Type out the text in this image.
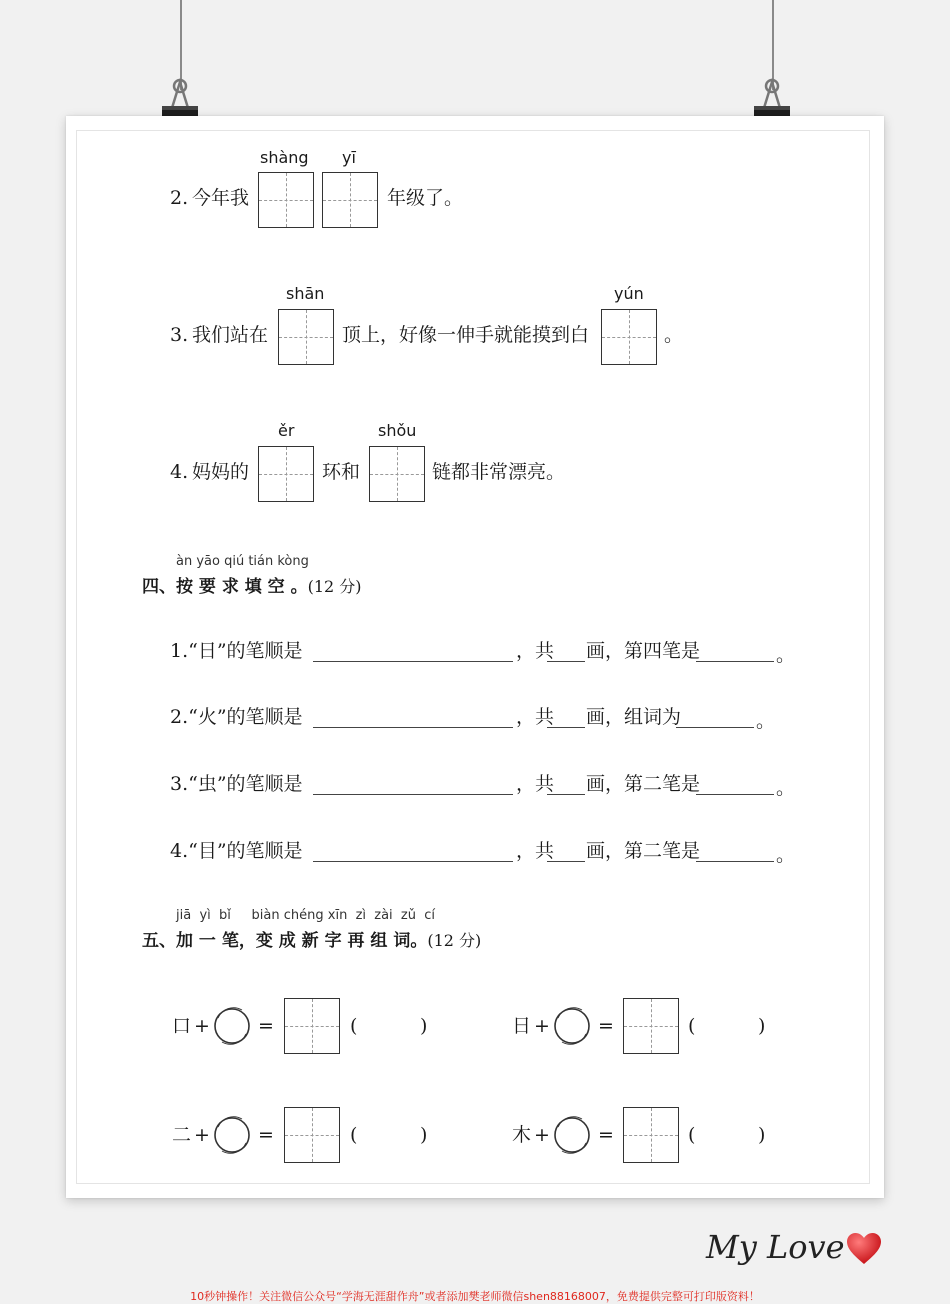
shàng yī
2. 今年我	年级了。
shān	yún
3. 我们站在	顶上，好像一伸手就能摸到白	。
ěr	shǒu
4. 妈妈的	环和	链都非常漂亮。
àn yāo qiú tián kòng
四、按 要 求 填 空 。(12 分)
1.“日”的笔顺是	，共 画，第四笔是	。
2.“火”的笔顺是	，共 画，组词为	。
3.“虫”的笔顺是	，共 画，第二笔是	。
4.“目”的笔顺是	，共 画，第二笔是	。
jiā  yì  bǐ     biàn chéng xīn  zì  zài  zǔ  cí
五、加 一 笔，变 成 新 字 再 组 词。(12 分)
口 +	=	(	)	日 +	=	(	)
二 +	=	(	)	木 +	=	(	)
My Love
10秒钟操作！关注微信公众号“学海无涯甜作舟”或者添加樊老师微信shen88168007，免费提供完整可打印版资料！
